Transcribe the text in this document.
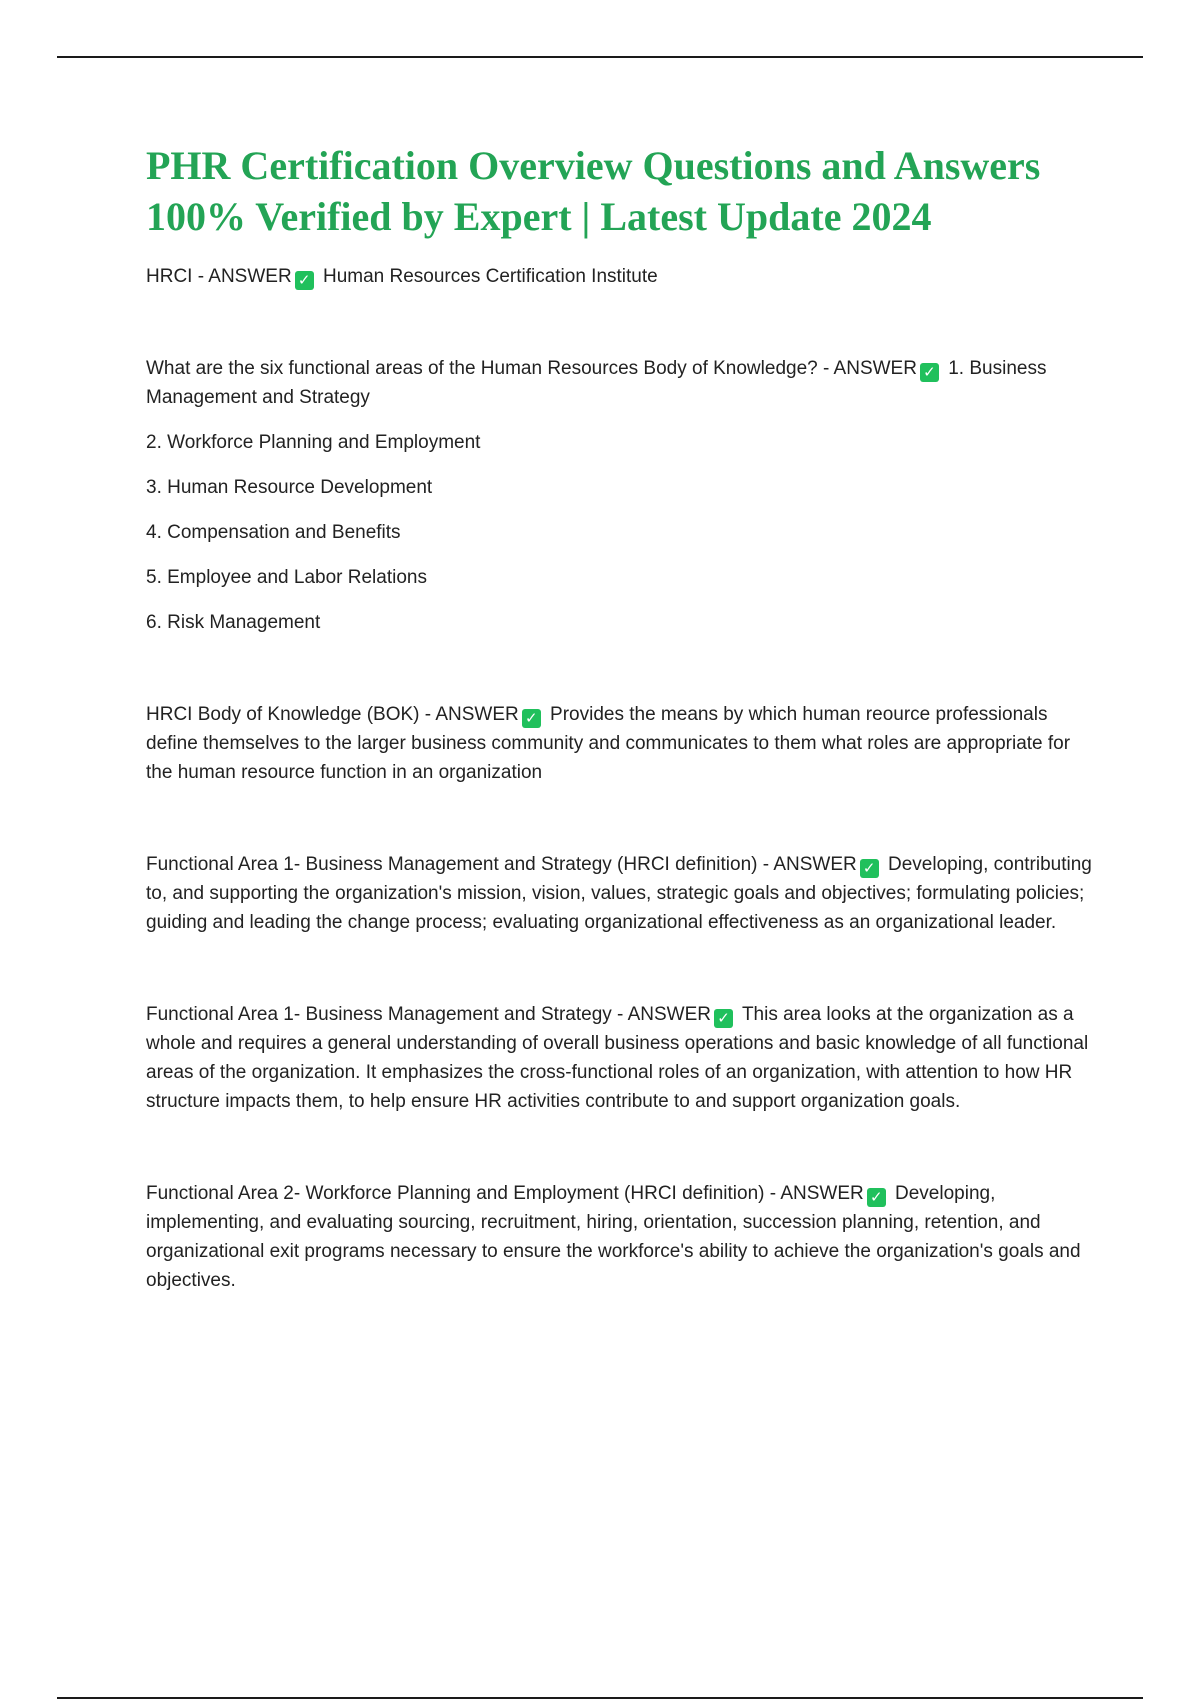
PHR Certification Overview Questions and Answers
100% Verified by Expert | Latest Update 2024

HRCI - ANSWER ✓ Human Resources Certification Institute

What are the six functional areas of the Human Resources Body of Knowledge? - ANSWER ✓ 1. Business Management and Strategy

2. Workforce Planning and Employment

3. Human Resource Development

4. Compensation and Benefits

5. Employee and Labor Relations

6. Risk Management

HRCI Body of Knowledge (BOK) - ANSWER ✓ Provides the means by which human reource professionals define themselves to the larger business community and communicates to them what roles are appropriate for the human resource function in an organization

Functional Area 1- Business Management and Strategy (HRCI definition) - ANSWER ✓ Developing, contributing to, and supporting the organization's mission, vision, values, strategic goals and objectives; formulating policies; guiding and leading the change process; evaluating organizational effectiveness as an organizational leader.

Functional Area 1- Business Management and Strategy - ANSWER ✓ This area looks at the organization as a whole and requires a general understanding of overall business operations and basic knowledge of all functional areas of the organization. It emphasizes the cross-functional roles of an organization, with attention to how HR structure impacts them, to help ensure HR activities contribute to and support organization goals.

Functional Area 2- Workforce Planning and Employment (HRCI definition) - ANSWER ✓ Developing, implementing, and evaluating sourcing, recruitment, hiring, orientation, succession planning, retention, and organizational exit programs necessary to ensure the workforce's ability to achieve the organization's goals and objectives.
